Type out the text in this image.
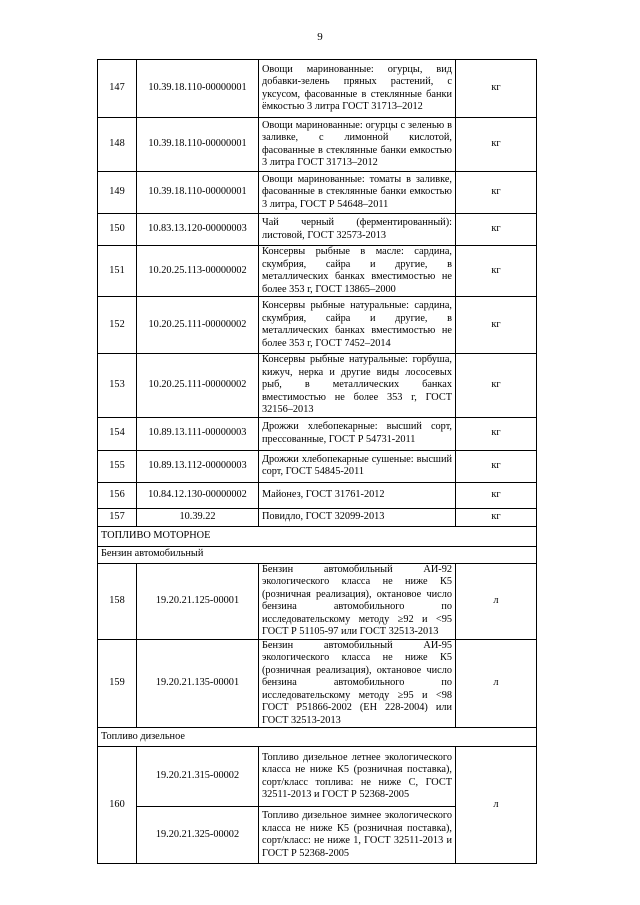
9
147	10.39.18.110-00000001	Овощи маринованные: огурцы, вид добавки-зелень пряных растений, с уксусом, фасованные в стеклянные банки ёмкостью 3 литра ГОСТ 31713–2012	кг
148	10.39.18.110-00000001	Овощи маринованные: огурцы с зеленью в заливке, с лимонной кислотой, фасованные в стеклянные банки емкостью 3 литра ГОСТ 31713–2012	кг
149	10.39.18.110-00000001	Овощи маринованные: томаты в заливке, фасованные в стеклянные банки емкостью 3 литра, ГОСТ Р 54648–2011	кг
150	10.83.13.120-00000003	Чай черный (ферментированный): листовой, ГОСТ 32573-2013	кг
151	10.20.25.113-00000002	Консервы рыбные в масле: сардина, скумбрия, сайра и другие, в металлических банках вместимостью не более 353 г, ГОСТ 13865–2000	кг
152	10.20.25.111-00000002	Консервы рыбные натуральные: сардина, скумбрия, сайра и другие, в металлических банках вместимостью не более 353 г, ГОСТ 7452–2014	кг
153	10.20.25.111-00000002	Консервы рыбные натуральные: горбуша, кижуч, нерка и другие виды лососевых рыб, в металлических банках вместимостью не более 353 г, ГОСТ 32156–2013	кг
154	10.89.13.111-00000003	Дрожжи хлебопекарные: высший сорт, прессованные, ГОСТ Р 54731-2011	кг
155	10.89.13.112-00000003	Дрожжи хлебопекарные сушеные: высший сорт, ГОСТ 54845-2011	кг
156	10.84.12.130-00000002	Майонез, ГОСТ 31761-2012	кг
157	10.39.22	Повидло, ГОСТ 32099-2013	кг
ТОПЛИВО МОТОРНОЕ			
Бензин автомобильный			
158	19.20.21.125-00001	Бензин автомобильный АИ-92 экологического класса не ниже К5 (розничная реализация), октановое число бензина автомобильного по исследовательскому методу ≥92 и <95 ГОСТ Р 51105-97 или ГОСТ 32513-2013	л
159	19.20.21.135-00001	Бензин автомобильный АИ-95 экологического класса не ниже К5 (розничная реализация), октановое число бензина автомобильного по исследовательскому методу ≥95 и <98 ГОСТ Р51866-2002 (ЕН 228-2004) или ГОСТ 32513-2013	л
Топливо дизельное			
160	19.20.21.315-00002	Топливо дизельное летнее экологического класса не ниже К5 (розничная поставка), сорт/класс топлива: не ниже С, ГОСТ 32511-2013 и ГОСТ Р 52368-2005	л
	19.20.21.325-00002	Топливо дизельное зимнее экологического класса не ниже К5 (розничная поставка), сорт/класс: не ниже 1, ГОСТ 32511-2013 и ГОСТ Р 52368-2005	
